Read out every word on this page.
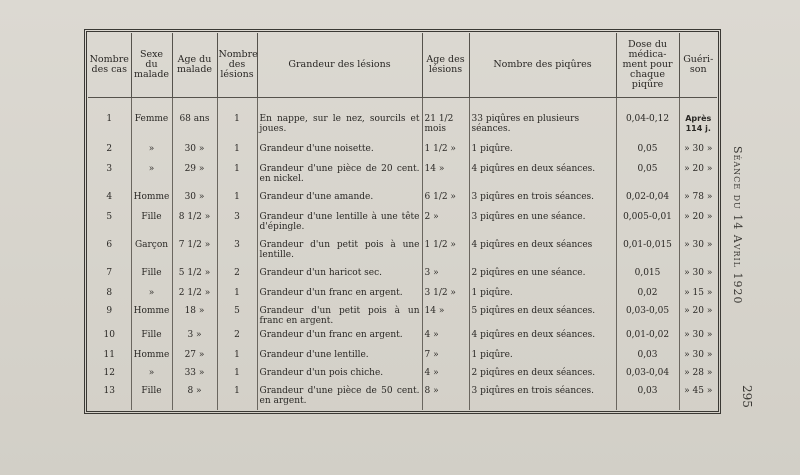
Nombre des cas	Sexe du malade	Age du malade	Nombre des lésions	Grandeur des lésions	Age des lésions	Nombre des piqûres	Dose du médica-ment pour chaque piqûre	Guéri-son
1	Femme	68 ans	1	En nappe, sur le nez, sourcils et joues.	21 1/2 mois	33 piqûres en plusieurs séances.	0,04-0,12	Après 114 j.
2	»	30 »	1	Grandeur d'une noisette.	1 1/2 »	1 piqûre.	0,05	» 30 »
3	»	29 »	1	Grandeur d'une pièce de 20 cent. en nickel.	14 »	4 piqûres en deux séances.	0,05	» 20 »
4	Homme	30 »	1	Grandeur d'une amande.	6 1/2 »	3 piqûres en trois séances.	0,02-0,04	» 78 »
5	Fille	8 1/2 »	3	Grandeur d'une lentille à une tête d'épingle.	2 »	3 piqûres en une séance.	0,005-0,01	» 20 »
6	Garçon	7 1/2 »	3	Grandeur d'un petit pois à une lentille.	1 1/2 »	4 piqûres en deux séances	0,01-0,015	» 30 »
7	Fille	5 1/2 »	2	Grandeur d'un haricot sec.	3 »	2 piqûres en une séance.	0,015	» 30 »
8	»	2 1/2 »	1	Grandeur d'un franc en argent.	3 1/2 »	1 piqûre.	0,02	» 15 »
9	Homme	18 »	5	Grandeur d'un petit pois à un franc en argent.	14 »	5 piqûres en deux séances.	0,03-0,05	» 20 »
10	Fille	3 »	2	Grandeur d'un franc en argent.	4 »	4 piqûres en deux séances.	0,01-0,02	» 30 »
11	Homme	27 »	1	Grandeur d'une lentille.	7 »	1 piqûre.	0,03	» 30 »
12	»	33 »	1	Grandeur d'un pois chiche.	4 »	2 piqûres en deux séances.	0,03-0,04	» 28 »
13	Fille	8 »	1	Grandeur d'une pièce de 50 cent. en argent.	8 »	3 piqûres en trois séances.	0,03	» 45 »
Séance du 14 Avril 1920
295
